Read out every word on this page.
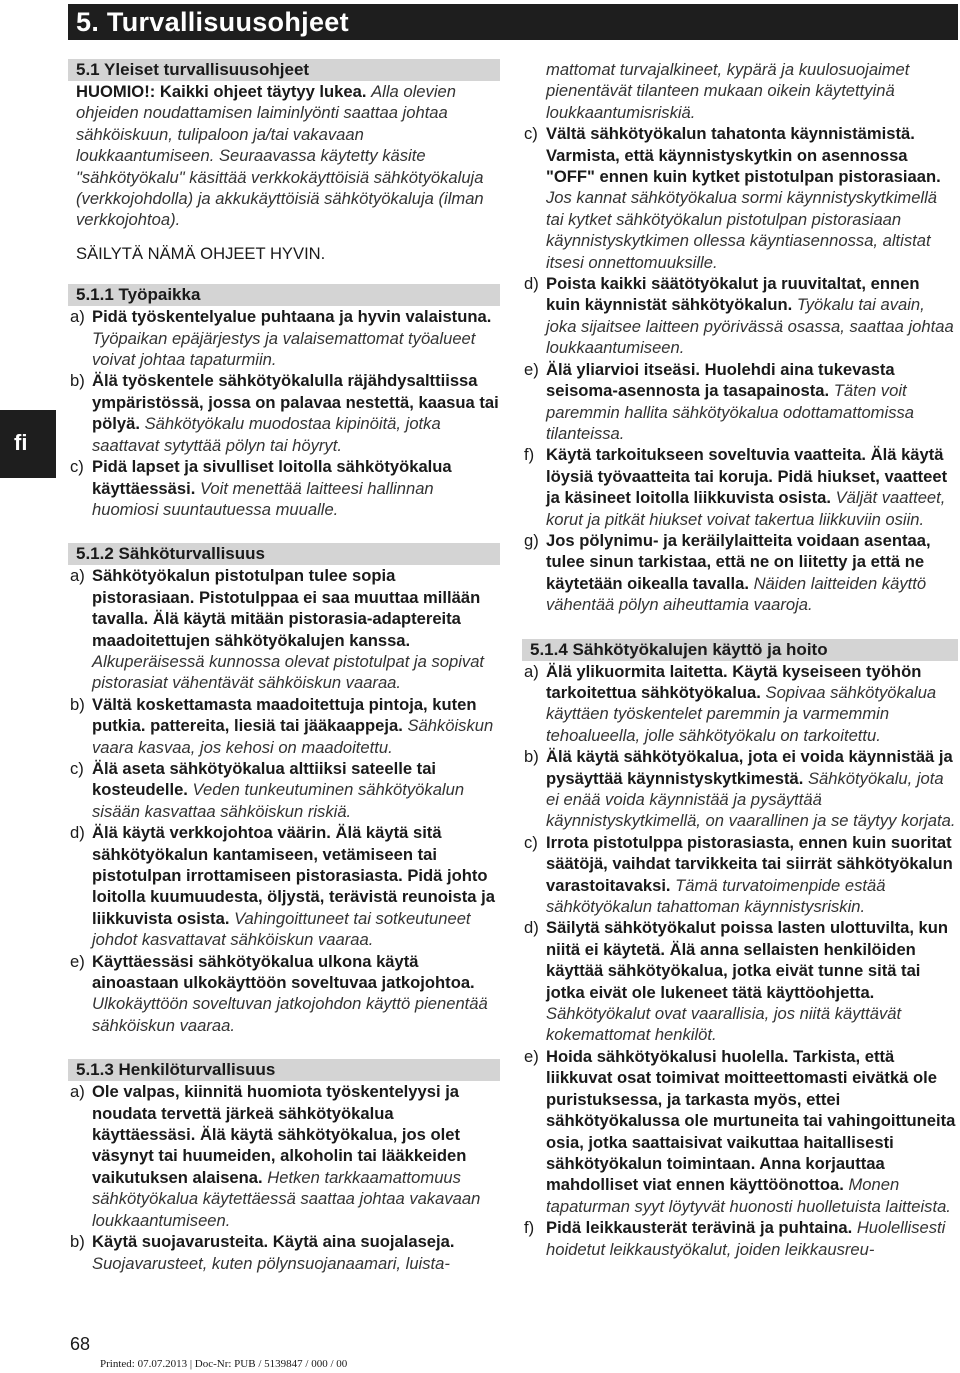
5. Turvallisuusohjeet
fi
5.1 Yleiset turvallisuusohjeet
HUOMIO!: Kaikki ohjeet täytyy lukea. Alla olevien ohjeiden noudattamisen laiminlyönti saattaa johtaa sähköiskuun, tulipaloon ja/tai vakavaan loukkaantumiseen. Seuraavassa käytetty käsite "sähkötyökalu" käsittää verkkokäyttöisiä sähkötyökaluja (verkkojohdolla) ja akkukäyttöisiä sähkötyökaluja (ilman verkkojohtoa).
SÄILYTÄ NÄMÄ OHJEET HYVIN.
5.1.1 Työpaikka
a) Pidä työskentelyalue puhtaana ja hyvin valaistuna. Työpaikan epäjärjestys ja valaisemattomat työalueet voivat johtaa tapaturmiin.
b) Älä työskentele sähkötyökalulla räjähdysalttiissa ympäristössä, jossa on palavaa nestettä, kaasua tai pölyä. Sähkötyökalu muodostaa kipinöitä, jotka saattavat sytyttää pölyn tai höyryt.
c) Pidä lapset ja sivulliset loitolla sähkötyökalua käyttäessäsi. Voit menettää laitteesi hallinnan huomiosi suuntautuessa muualle.
5.1.2 Sähköturvallisuus
a) Sähkötyökalun pistotulpan tulee sopia pistorasiaan. Pistotulppaa ei saa muuttaa millään tavalla. Älä käytä mitään pistorasia-adaptereita maadoitettujen sähkötyökalujen kanssa. Alkuperäisessä kunnossa olevat pistotulpat ja sopivat pistorasiat vähentävät sähköiskun vaaraa.
b) Vältä koskettamasta maadoitettuja pintoja, kuten putkia. pattereita, liesiä tai jääkaappeja. Sähköiskun vaara kasvaa, jos kehosi on maadoitettu.
c) Älä aseta sähkötyökalua alttiiksi sateelle tai kosteudelle. Veden tunkeutuminen sähkötyökalun sisään kasvattaa sähköiskun riskiä.
d) Älä käytä verkkojohtoa väärin. Älä käytä sitä sähkötyökalun kantamiseen, vetämiseen tai pistotulpan irrottamiseen pistorasiasta. Pidä johto loitolla kuumuudesta, öljystä, terävistä reunoista ja liikkuvista osista. Vahingoittuneet tai sotkeutuneet johdot kasvattavat sähköiskun vaaraa.
e) Käyttäessäsi sähkötyökalua ulkona käytä ainoastaan ulkokäyttöön soveltuvaa jatkojohtoa. Ulkokäyttöön soveltuvan jatkojohdon käyttö pienentää sähköiskun vaaraa.
5.1.3 Henkilöturvallisuus
a) Ole valpas, kiinnitä huomiota työskentelyysi ja noudata tervettä järkeä sähkötyökalua käyttäessäsi. Älä käytä sähkötyökalua, jos olet väsynyt tai huumeiden, alkoholin tai lääkkeiden vaikutuksen alaisena. Hetken tarkkaamattomuus sähkötyökalua käytettäessä saattaa johtaa vakavaan loukkaantumiseen.
b) Käytä suojavarusteita. Käytä aina suojalaseja. Suojavarusteet, kuten pölynsuojanaamari, luista-
mattomat turvajalkineet, kypärä ja kuulosuojaimet pienentävät tilanteen mukaan oikein käytettyinä loukkaantumisriskiä.
c) Vältä sähkötyökalun tahatonta käynnistämistä. Varmista, että käynnistyskytkin on asennossa "OFF" ennen kuin kytket pistotulpan pistorasiaan. Jos kannat sähkötyökalua sormi käynnistyskytkimellä tai kytket sähkötyökalun pistotulpan pistorasiaan käynnistyskytkimen ollessa käyntiasennossa, altistat itsesi onnettomuuksille.
d) Poista kaikki säätötyökalut ja ruuvitaltat, ennen kuin käynnistät sähkötyökalun. Työkalu tai avain, joka sijaitsee laitteen pyörivässä osassa, saattaa johtaa loukkaantumiseen.
e) Älä yliarvioi itseäsi. Huolehdi aina tukevasta seisoma-asennosta ja tasapainosta. Täten voit paremmin hallita sähkötyökalua odottamattomissa tilanteissa.
f) Käytä tarkoitukseen soveltuvia vaatteita. Älä käytä löysiä työvaatteita tai koruja. Pidä hiukset, vaatteet ja käsineet loitolla liikkuvista osista. Väljät vaatteet, korut ja pitkät hiukset voivat takertua liikkuviin osiin.
g) Jos pölynimu- ja keräilylaitteita voidaan asentaa, tulee sinun tarkistaa, että ne on liitetty ja että ne käytetään oikealla tavalla. Näiden laitteiden käyttö vähentää pölyn aiheuttamia vaaroja.
5.1.4 Sähkötyökalujen käyttö ja hoito
a) Älä ylikuormita laitetta. Käytä kyseiseen työhön tarkoitettua sähkötyökalua. Sopivaa sähkötyökalua käyttäen työskentelet paremmin ja varmemmin tehoalueella, jolle sähkötyökalu on tarkoitettu.
b) Älä käytä sähkötyökalua, jota ei voida käynnistää ja pysäyttää käynnistyskytkimestä. Sähkötyökalu, jota ei enää voida käynnistää ja pysäyttää käynnistyskytkimellä, on vaarallinen ja se täytyy korjata.
c) Irrota pistotulppa pistorasiasta, ennen kuin suoritat säätöjä, vaihdat tarvikkeita tai siirrät sähkötyökalun varastoitavaksi. Tämä turvatoimenpide estää sähkötyökalun tahattoman käynnistysriskin.
d) Säilytä sähkötyökalut poissa lasten ulottuvilta, kun niitä ei käytetä. Älä anna sellaisten henkilöiden käyttää sähkötyökalua, jotka eivät tunne sitä tai jotka eivät ole lukeneet tätä käyttöohjetta. Sähkötyökalut ovat vaarallisia, jos niitä käyttävät kokemattomat henkilöt.
e) Hoida sähkötyökalusi huolella. Tarkista, että liikkuvat osat toimivat moitteettomasti eivätkä ole puristuksessa, ja tarkasta myös, ettei sähkötyökalussa ole murtuneita tai vahingoittuneita osia, jotka saattaisivat vaikuttaa haitallisesti sähkötyökalun toimintaan. Anna korjauttaa mahdolliset viat ennen käyttöönottoa. Monen tapaturman syyt löytyvät huonosti huolletuista laitteista.
f) Pidä leikkausterät terävinä ja puhtaina. Huolellisesti hoidetut leikkaustyökalut, joiden leikkausreu-
68
Printed: 07.07.2013 | Doc-Nr: PUB / 5139847 / 000 / 00
